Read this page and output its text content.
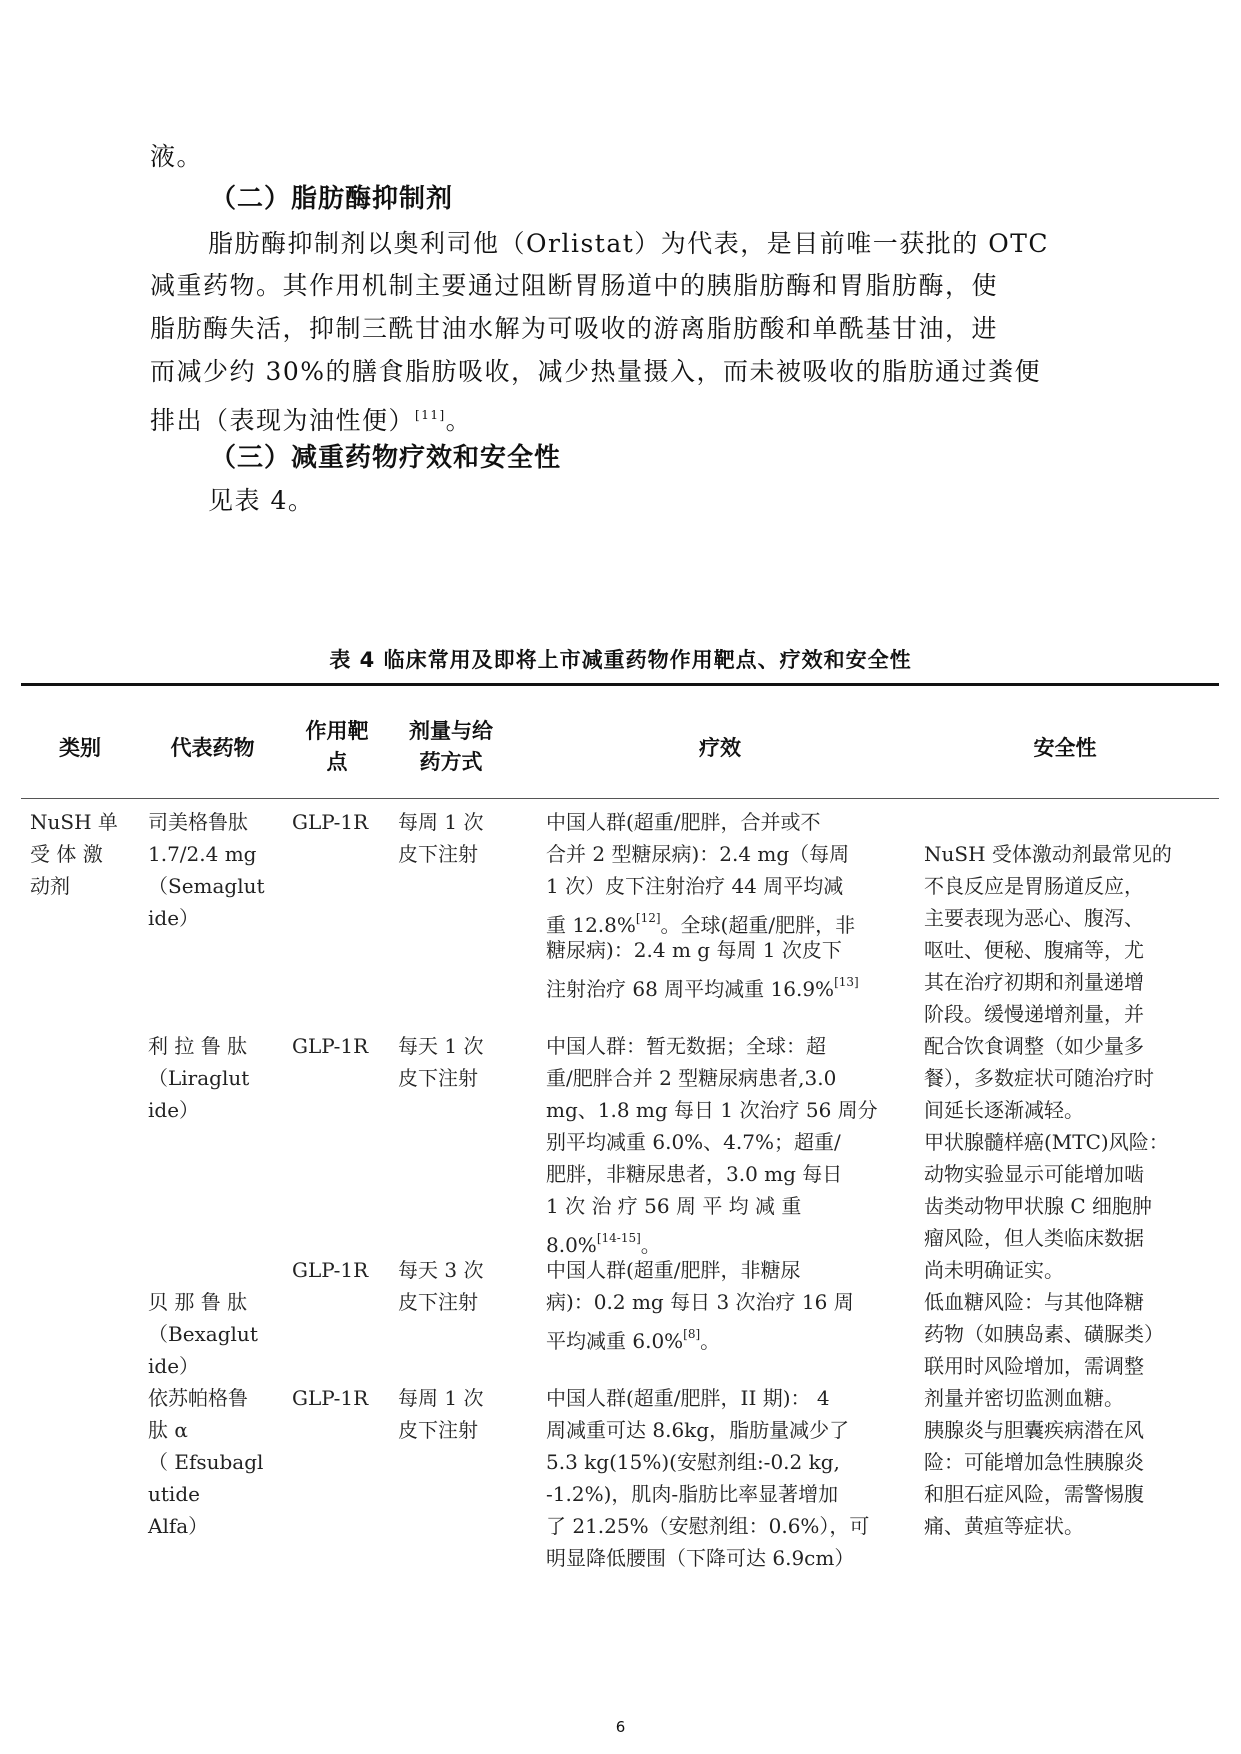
液。
（二）脂肪酶抑制剂
脂肪酶抑制剂以奥利司他（Orlistat）为代表，是目前唯一获批的 OTC
减重药物。其作用机制主要通过阻断胃肠道中的胰脂肪酶和胃脂肪酶，使
脂肪酶失活，抑制三酰甘油水解为可吸收的游离脂肪酸和单酰基甘油，进
而减少约 30%的膳食脂肪吸收，减少热量摄入，而未被吸收的脂肪通过粪便
排出（表现为油性便）[11]。
（三）减重药物疗效和安全性
见表 4。
表 4 临床常用及即将上市减重药物作用靶点、疗效和安全性
类别	代表药物
作用靶
点
剂量与给
药方式
疗效	安全性
NuSH 单
受 体 激
动剂
司美格鲁肽
1.7/2.4 mg
（Semaglut
ide）
GLP-1R 每周 1 次
皮下注射
中国人群(超重/肥胖，合并或不
合并 2 型糖尿病)：2.4 mg（每周
1 次）皮下注射治疗 44 周平均减
重 12.8%[12]。全球(超重/肥胖，非
糖尿病)：2.4 m g 每周 1 次皮下
注射治疗 68 周平均减重 16.9%[13]
NuSH 受体激动剂最常见的
不良反应是胃肠道反应，
主要表现为恶心、腹泻、
呕吐、便秘、腹痛等，尤
其在治疗初期和剂量递增
阶段。缓慢递增剂量，并
配合饮食调整（如少量多
餐），多数症状可随治疗时
间延长逐渐减轻。
甲状腺髓样癌(MTC)风险：
动物实验显示可能增加啮
齿类动物甲状腺 C 细胞肿
瘤风险，但人类临床数据
尚未明确证实。
低血糖风险：与其他降糖
药物（如胰岛素、磺脲类）
联用时风险增加，需调整
剂量并密切监测血糖。
胰腺炎与胆囊疾病潜在风
险：可能增加急性胰腺炎
和胆石症风险，需警惕腹
痛、黄疸等症状。
利 拉 鲁 肽
（Liraglut
ide）
GLP-1R 每天 1 次
皮下注射
中国人群：暂无数据；全球：超
重/肥胖合并 2 型糖尿病患者,3.0
mg、1.8 mg 每日 1 次治疗 56 周分
别平均减重 6.0%、4.7%；超重/
肥胖，非糖尿患者，3.0 mg 每日
1 次 治 疗 56 周 平 均 减 重
8.0%[14-15]。
GLP-1R 每天 3 次
皮下注射
贝 那 鲁 肽
（Bexaglut
ide）
中国人群(超重/肥胖，非糖尿
病)：0.2 mg 每日 3 次治疗 16 周
平均减重 6.0%[8]。
依苏帕格鲁
肽 α
（ Efsubagl
utide
Alfa）
GLP-1R 每周 1 次
皮下注射
中国人群(超重/肥胖，II 期)： 4
周减重可达 8.6kg，脂肪量减少了
5.3 kg(15%)(安慰剂组:-0.2 kg,
-1.2%)，肌肉-脂肪比率显著增加
了 21.25%（安慰剂组：0.6%），可
明显降低腰围（下降可达 6.9cm）
6
